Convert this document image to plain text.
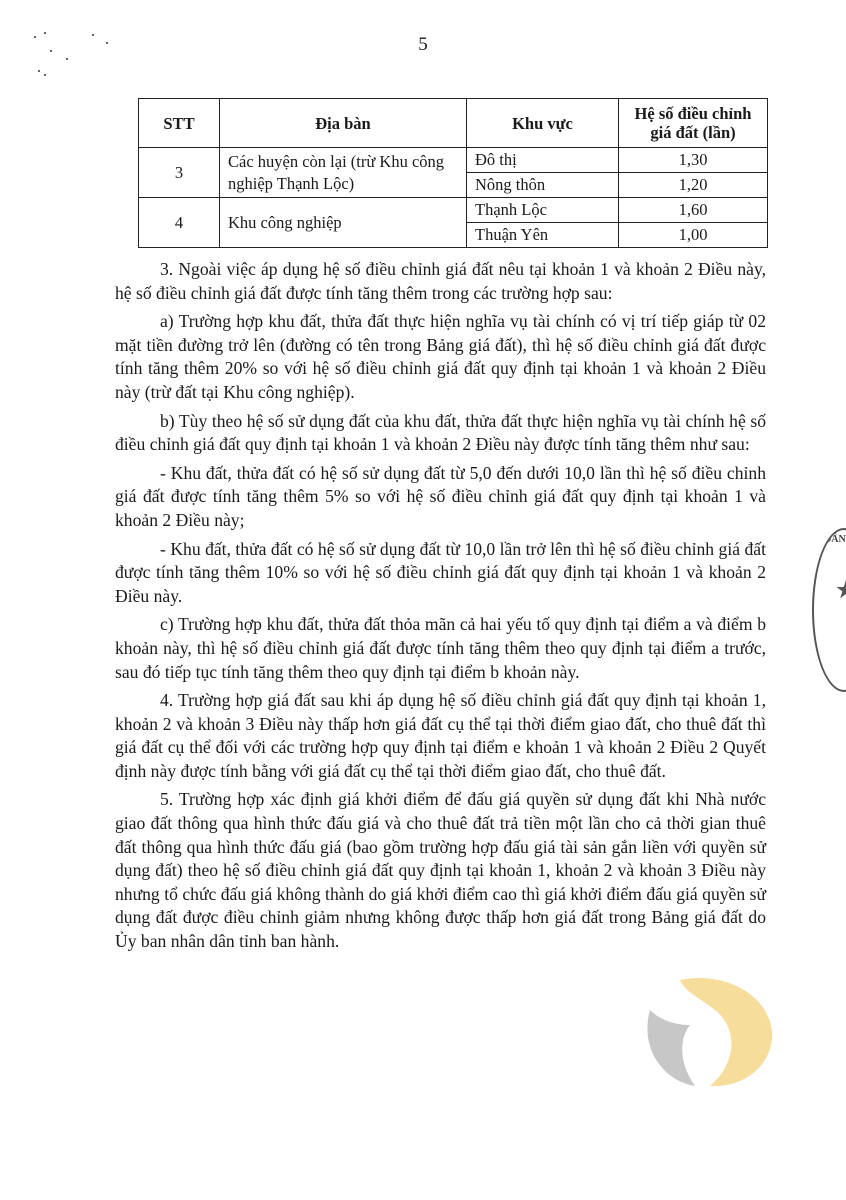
5
STT	Địa bàn	Khu vực	Hệ số điều chỉnh giá đất (lần)
3	Các huyện còn lại (trừ Khu công nghiệp Thạnh Lộc)	Đô thị	1,30
		Nông thôn	1,20
4	Khu công nghiệp	Thạnh Lộc	1,60
		Thuận Yên	1,00

3. Ngoài việc áp dụng hệ số điều chỉnh giá đất nêu tại khoản 1 và khoản 2 Điều này, hệ số điều chỉnh giá đất được tính tăng thêm trong các trường hợp sau:

a) Trường hợp khu đất, thửa đất thực hiện nghĩa vụ tài chính có vị trí tiếp giáp từ 02 mặt tiền đường trở lên (đường có tên trong Bảng giá đất), thì hệ số điều chỉnh giá đất được tính tăng thêm 20% so với hệ số điều chỉnh giá đất quy định tại khoản 1 và khoản 2 Điều này (trừ đất tại Khu công nghiệp).

b) Tùy theo hệ số sử dụng đất của khu đất, thửa đất thực hiện nghĩa vụ tài chính hệ số điều chỉnh giá đất quy định tại khoản 1 và khoản 2 Điều này được tính tăng thêm như sau:

- Khu đất, thửa đất có hệ số sử dụng đất từ 5,0 đến dưới 10,0 lần thì hệ số điều chỉnh giá đất được tính tăng thêm 5% so với hệ số điều chỉnh giá đất quy định tại khoản 1 và khoản 2 Điều này;

- Khu đất, thửa đất có hệ số sử dụng đất từ 10,0 lần trở lên thì hệ số điều chỉnh giá đất được tính tăng thêm 10% so với hệ số điều chỉnh giá đất quy định tại khoản 1 và khoản 2 Điều này.

c) Trường hợp khu đất, thửa đất thỏa mãn cả hai yếu tố quy định tại điểm a và điểm b khoản này, thì hệ số điều chỉnh giá đất được tính tăng thêm theo quy định tại điểm a trước, sau đó tiếp tục tính tăng thêm theo quy định tại điểm b khoản này.

4. Trường hợp giá đất sau khi áp dụng hệ số điều chỉnh giá đất quy định tại khoản 1, khoản 2 và khoản 3 Điều này thấp hơn giá đất cụ thể tại thời điểm giao đất, cho thuê đất thì giá đất cụ thể đối với các trường hợp quy định tại điểm e khoản 1 và khoản 2 Điều 2 Quyết định này được tính bằng với giá đất cụ thể tại thời điểm giao đất, cho thuê đất.

5. Trường hợp xác định giá khởi điểm để đấu giá quyền sử dụng đất khi Nhà nước giao đất thông qua hình thức đấu giá và cho thuê đất trả tiền một lần cho cả thời gian thuê đất thông qua hình thức đấu giá (bao gồm trường hợp đấu giá tài sản gắn liền với quyền sử dụng đất) theo hệ số điều chỉnh giá đất quy định tại khoản 1, khoản 2 và khoản 3 Điều này nhưng tổ chức đấu giá không thành do giá khởi điểm cao thì giá khởi điểm đấu giá quyền sử dụng đất được điều chỉnh giảm nhưng không được thấp hơn giá đất trong Bảng giá đất do Ủy ban nhân dân tỉnh ban hành.

DÂN
